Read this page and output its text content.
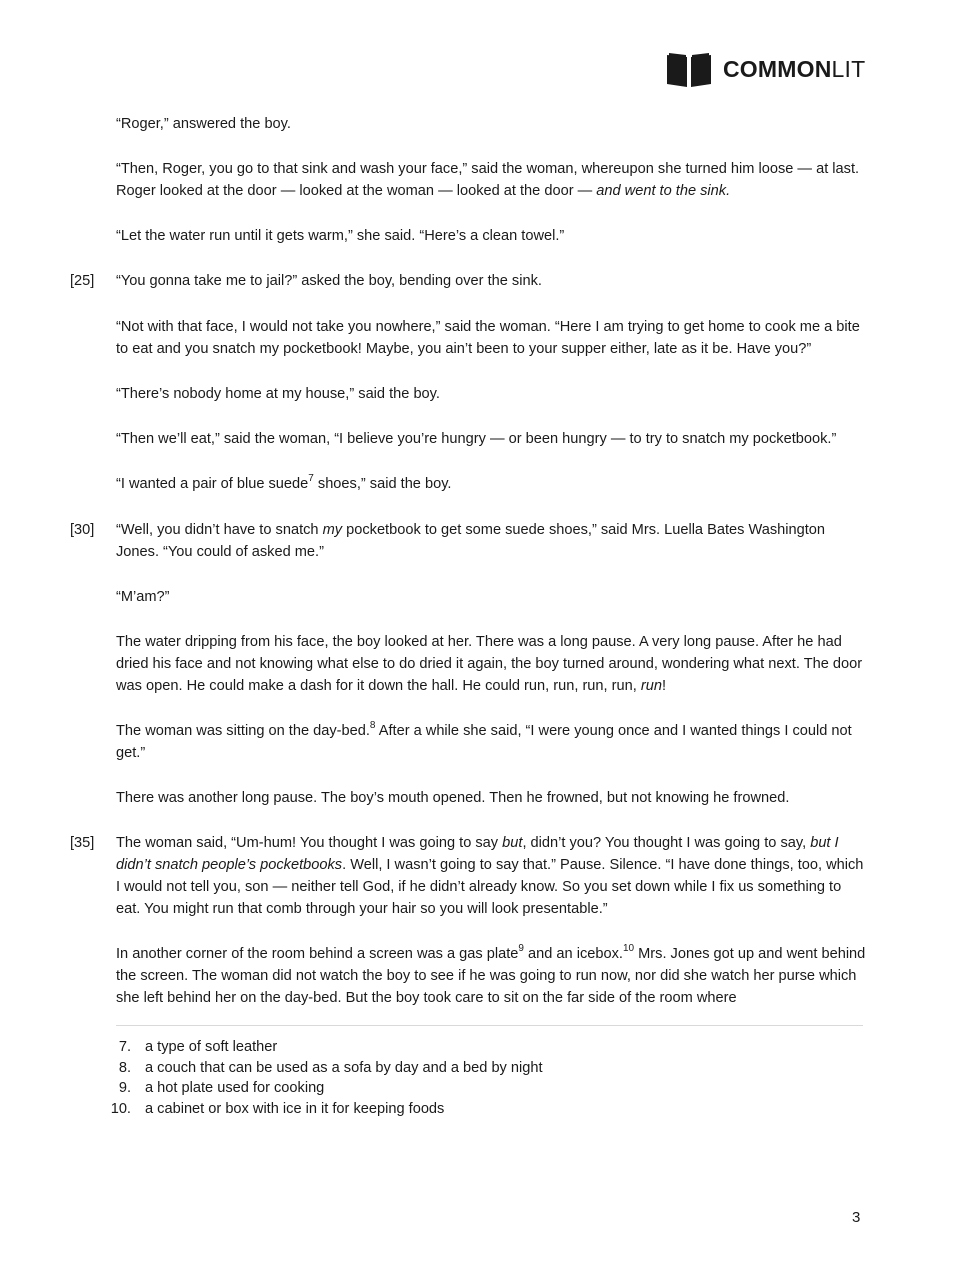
COMMONLIT

“Roger,” answered the boy.

“Then, Roger, you go to that sink and wash your face,” said the woman, whereupon she turned him loose — at last. Roger looked at the door — looked at the woman — looked at the door — and went to the sink.

“Let the water run until it gets warm,” she said. “Here’s a clean towel.”

[25] “You gonna take me to jail?” asked the boy, bending over the sink.

“Not with that face, I would not take you nowhere,” said the woman. “Here I am trying to get home to cook me a bite to eat and you snatch my pocketbook! Maybe, you ain’t been to your supper either, late as it be. Have you?”

“There’s nobody home at my house,” said the boy.

“Then we’ll eat,” said the woman, “I believe you’re hungry — or been hungry — to try to snatch my pocketbook.”

“I wanted a pair of blue suede$^7$ shoes,” said the boy.

[30] “Well, you didn’t have to snatch my pocketbook to get some suede shoes,” said Mrs. Luella Bates Washington Jones. “You could of asked me.”

“M’am?”

The water dripping from his face, the boy looked at her. There was a long pause. A very long pause. After he had dried his face and not knowing what else to do dried it again, the boy turned around, wondering what next. The door was open. He could make a dash for it down the hall. He could run, run, run, run, run!

The woman was sitting on the day-bed.$^8$ After a while she said, “I were young once and I wanted things I could not get.”

There was another long pause. The boy’s mouth opened. Then he frowned, but not knowing he frowned.

[35] The woman said, “Um-hum! You thought I was going to say but, didn’t you? You thought I was going to say, but I didn’t snatch people’s pocketbooks. Well, I wasn’t going to say that.” Pause. Silence. “I have done things, too, which I would not tell you, son — neither tell God, if he didn’t already know. So you set down while I fix us something to eat. You might run that comb through your hair so you will look presentable.”

In another corner of the room behind a screen was a gas plate$^9$ and an icebox.$^{10}$ Mrs. Jones got up and went behind the screen. The woman did not watch the boy to see if he was going to run now, nor did she watch her purse which she left behind her on the day-bed. But the boy took care to sit on the far side of the room where

7. a type of soft leather
8. a couch that can be used as a sofa by day and a bed by night
9. a hot plate used for cooking
10. a cabinet or box with ice in it for keeping foods
3
